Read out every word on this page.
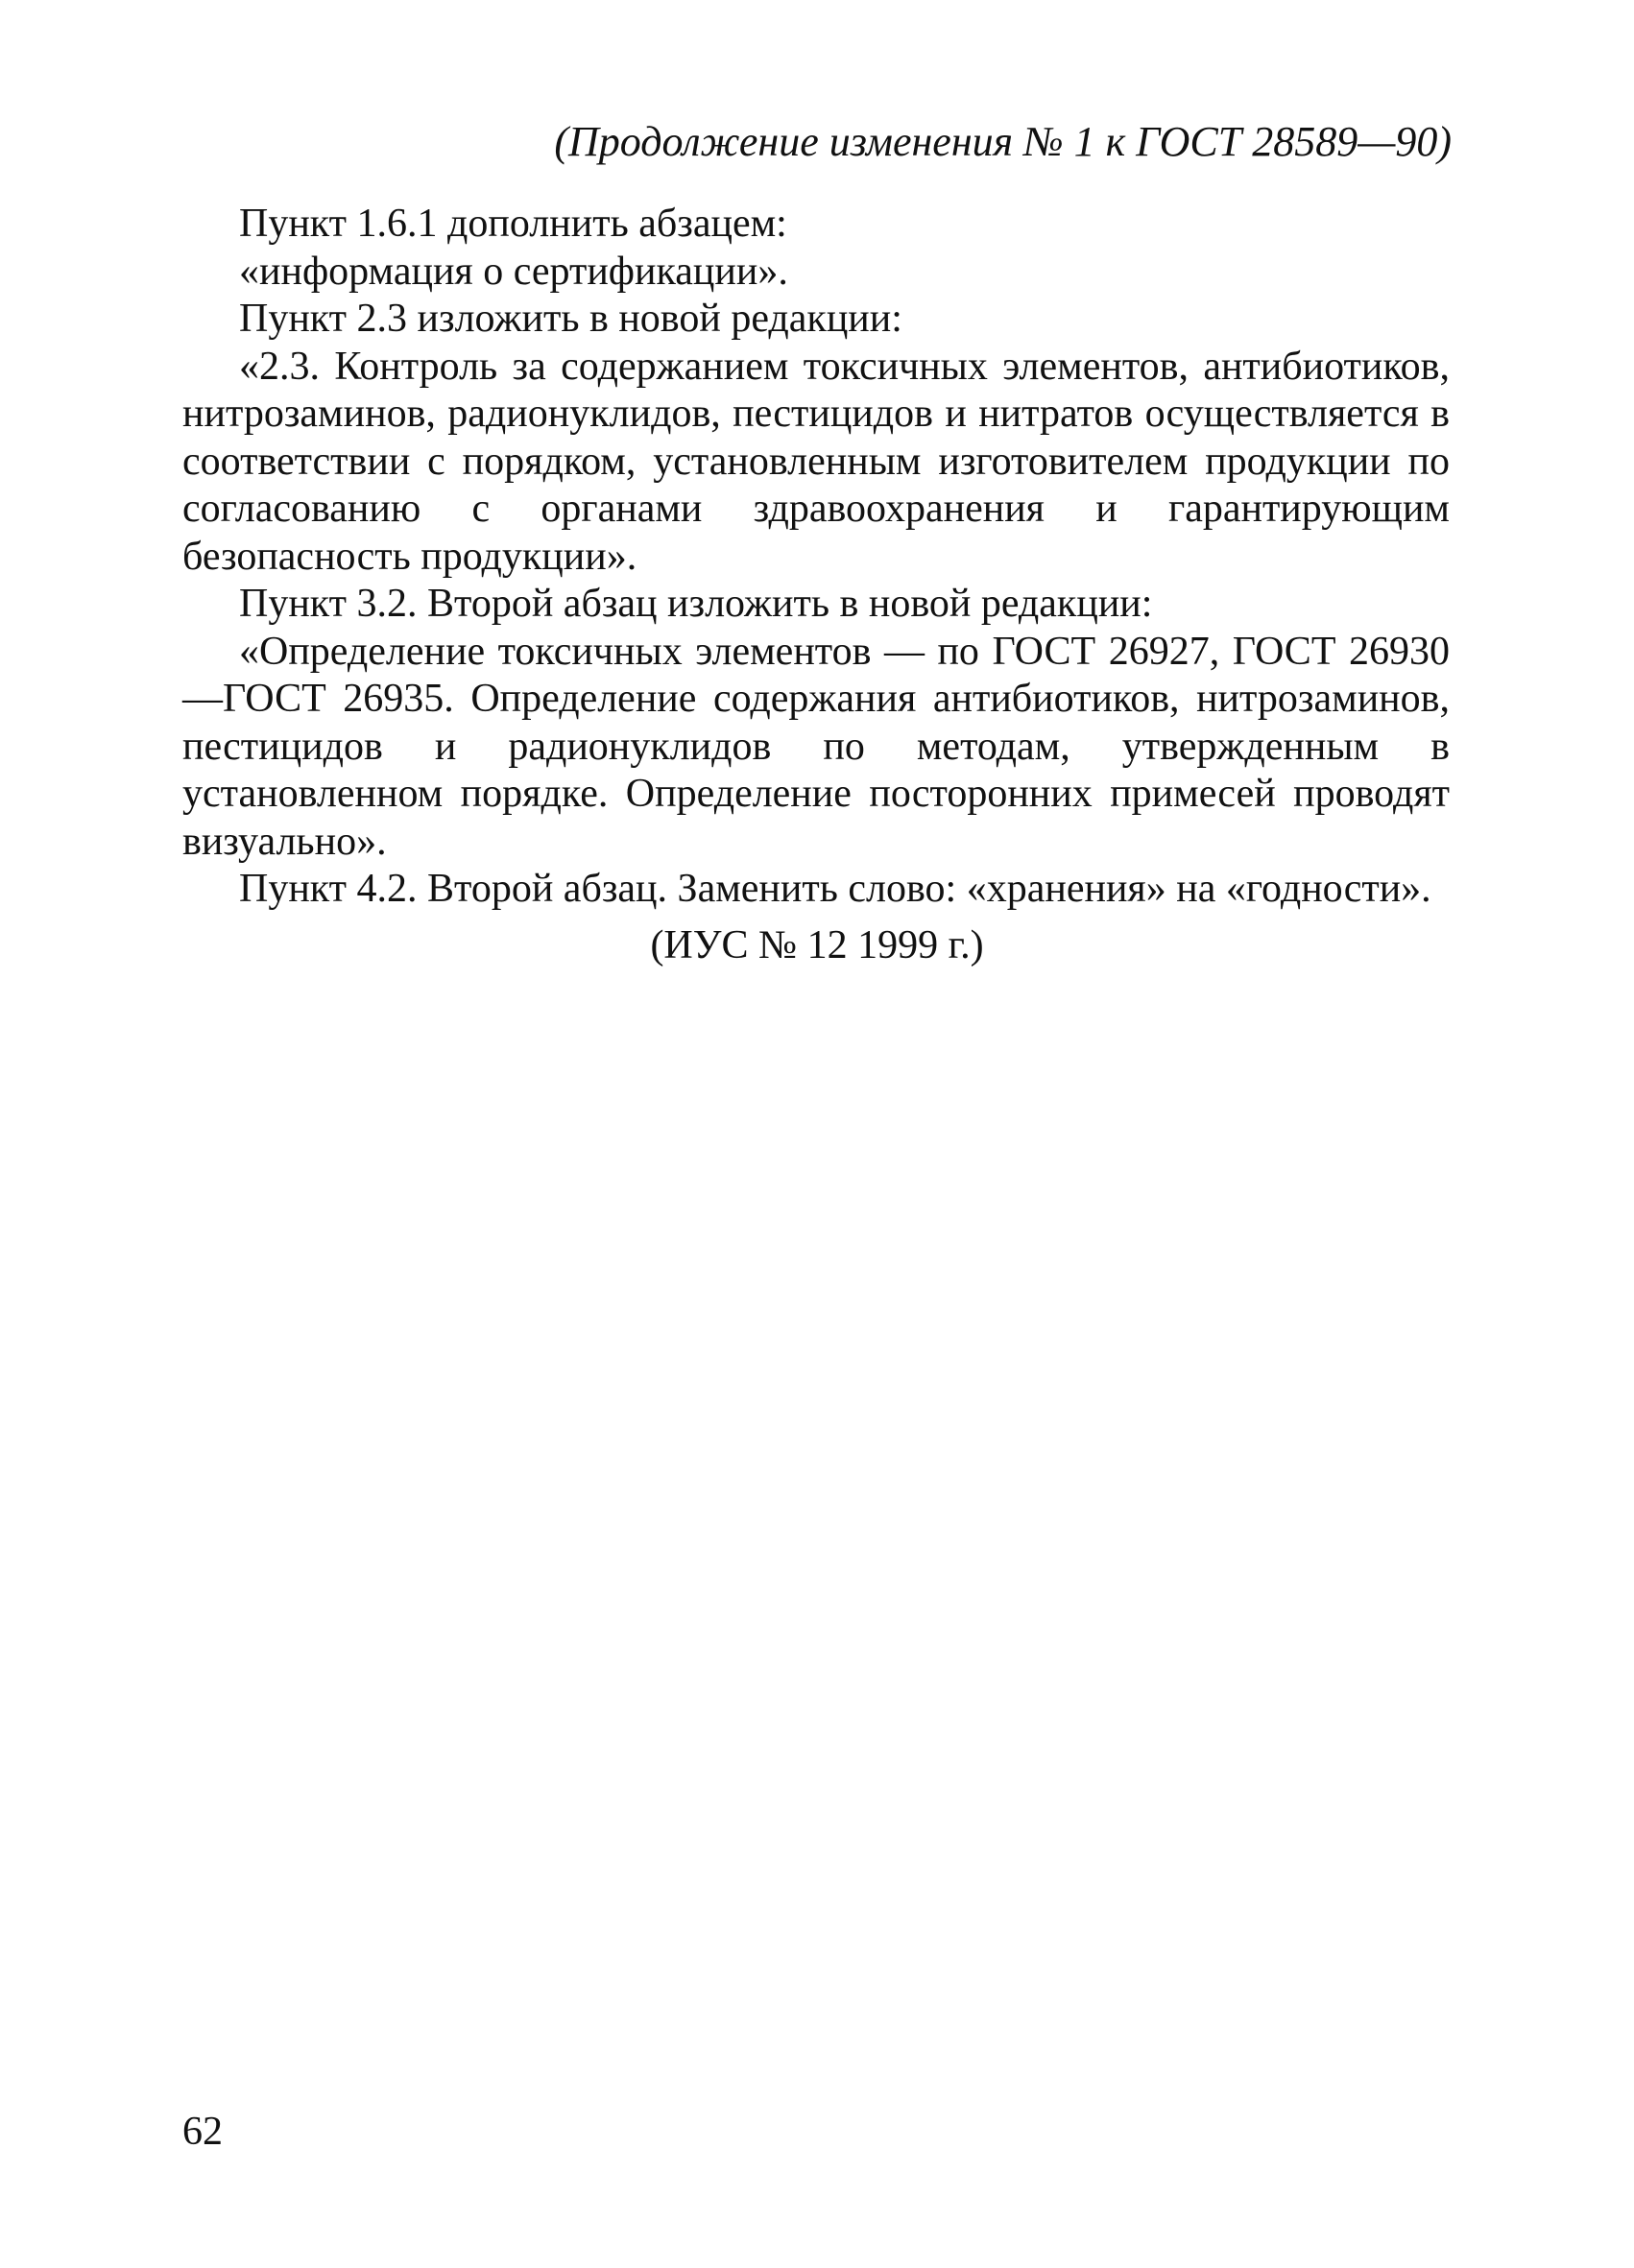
(Продолжение изменения № 1 к ГОСТ 28589—90)

Пункт 1.6.1 дополнить абзацем:

«информация о сертификации».

Пункт 2.3 изложить в новой редакции:

«2.3. Контроль за содержанием токсичных элементов, антибиотиков, нитрозаминов, радионуклидов, пестицидов и нитратов осуществляется в соответствии с порядком, установленным изготовителем продукции по согласованию с органами здравоохранения и гарантирующим безопасность продукции».

Пункт 3.2. Второй абзац изложить в новой редакции:

«Определение токсичных элементов — по ГОСТ 26927, ГОСТ 26930—ГОСТ 26935. Определение содержания антибиотиков, нитрозаминов, пестицидов и радионуклидов по методам, утвержденным в установленном порядке. Определение посторонних примесей проводят визуально».

Пункт 4.2. Второй абзац. Заменить слово: «хранения» на «годности».

(ИУС № 12 1999 г.)
62
